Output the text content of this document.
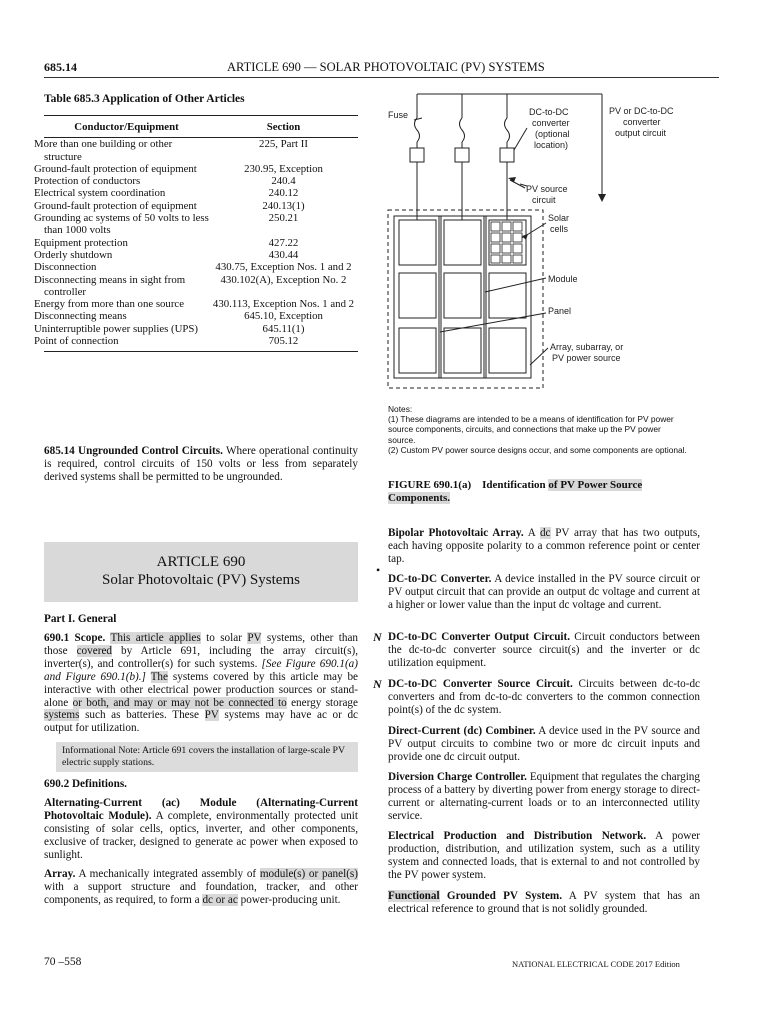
685.14	ARTICLE 690 — SOLAR PHOTOVOLTAIC (PV) SYSTEMS
Table 685.3 Application of Other Articles
Conductor/Equipment	Section
More than one building or other structure	225, Part II
Ground-fault protection of equipment	230.95, Exception
Protection of conductors	240.4
Electrical system coordination	240.12
Ground-fault protection of equipment	240.13(1)
Grounding ac systems of 50 volts to less than 1000 volts	250.21
Equipment protection	427.22
Orderly shutdown	430.44
Disconnection	430.75, Exception Nos. 1 and 2
Disconnecting means in sight from controller	430.102(A), Exception No. 2
Energy from more than one source	430.113, Exception Nos. 1 and 2
Disconnecting means	645.10, Exception
Uninterruptible power supplies (UPS)	645.11(1)
Point of connection	705.12

685.14 Ungrounded Control Circuits. Where operational continuity is required, control circuits of 150 volts or less from separately derived systems shall be permitted to be ungrounded.

ARTICLE 690
Solar Photovoltaic (PV) Systems
Part I. General

690.1 Scope. This article applies to solar PV systems, other than those covered by Article 691, including the array circuit(s), inverter(s), and controller(s) for such systems. [See Figure 690.1(a) and Figure 690.1(b).] The systems covered by this article may be interactive with other electrical power production sources or stand-alone or both, and may or may not be connected to energy storage systems such as batteries. These PV systems may have ac or dc output for utilization.

Informational Note: Article 691 covers the installation of large-scale PV electric supply stations.
690.2 Definitions.

Alternating-Current (ac) Module (Alternating-Current Photovoltaic Module). A complete, environmentally protected unit consisting of solar cells, optics, inverter, and other components, exclusive of tracker, designed to generate ac power when exposed to sunlight.

Array. A mechanically integrated assembly of module(s) or panel(s) with a support structure and foundation, tracker, and other components, as required, to form a dc or ac power-producing unit.

Fuse	DC-to-DC
converter
(optional
location)
PV or DC-to-DC
converter
output circuit
PV source
circuit
Solar
cells
Module
Panel
Array, subarray, or
PV power source
Notes:
(1) These diagrams are intended to be a means of identification for PV power source components, circuits, and connections that make up the PV power source.
(2) Custom PV power source designs occur, and some components are optional.

FIGURE 690.1(a) Identification of PV Power Source Components.

•

Bipolar Photovoltaic Array. A dc PV array that has two outputs, each having opposite polarity to a common reference point or center tap.

DC-to-DC Converter. A device installed in the PV source circuit or PV output circuit that can provide an output dc voltage and current at a higher or lower value than the input dc voltage and current.

N DC-to-DC Converter Output Circuit. Circuit conductors between the dc-to-dc converter source circuit(s) and the inverter or dc utilization equipment.

N DC-to-DC Converter Source Circuit. Circuits between dc-to-dc converters and from dc-to-dc converters to the common connection point(s) of the dc system.

Direct-Current (dc) Combiner. A device used in the PV source and PV output circuits to combine two or more dc circuit inputs and provide one dc circuit output.

Diversion Charge Controller. Equipment that regulates the charging process of a battery by diverting power from energy storage to direct-current or alternating-current loads or to an interconnected utility service.

Electrical Production and Distribution Network. A power production, distribution, and utilization system, such as a utility system and connected loads, that is external to and not controlled by the PV power system.

Functional Grounded PV System. A PV system that has an electrical reference to ground that is not solidly grounded.

70 –558	NATIONAL ELECTRICAL CODE 2017 Edition
